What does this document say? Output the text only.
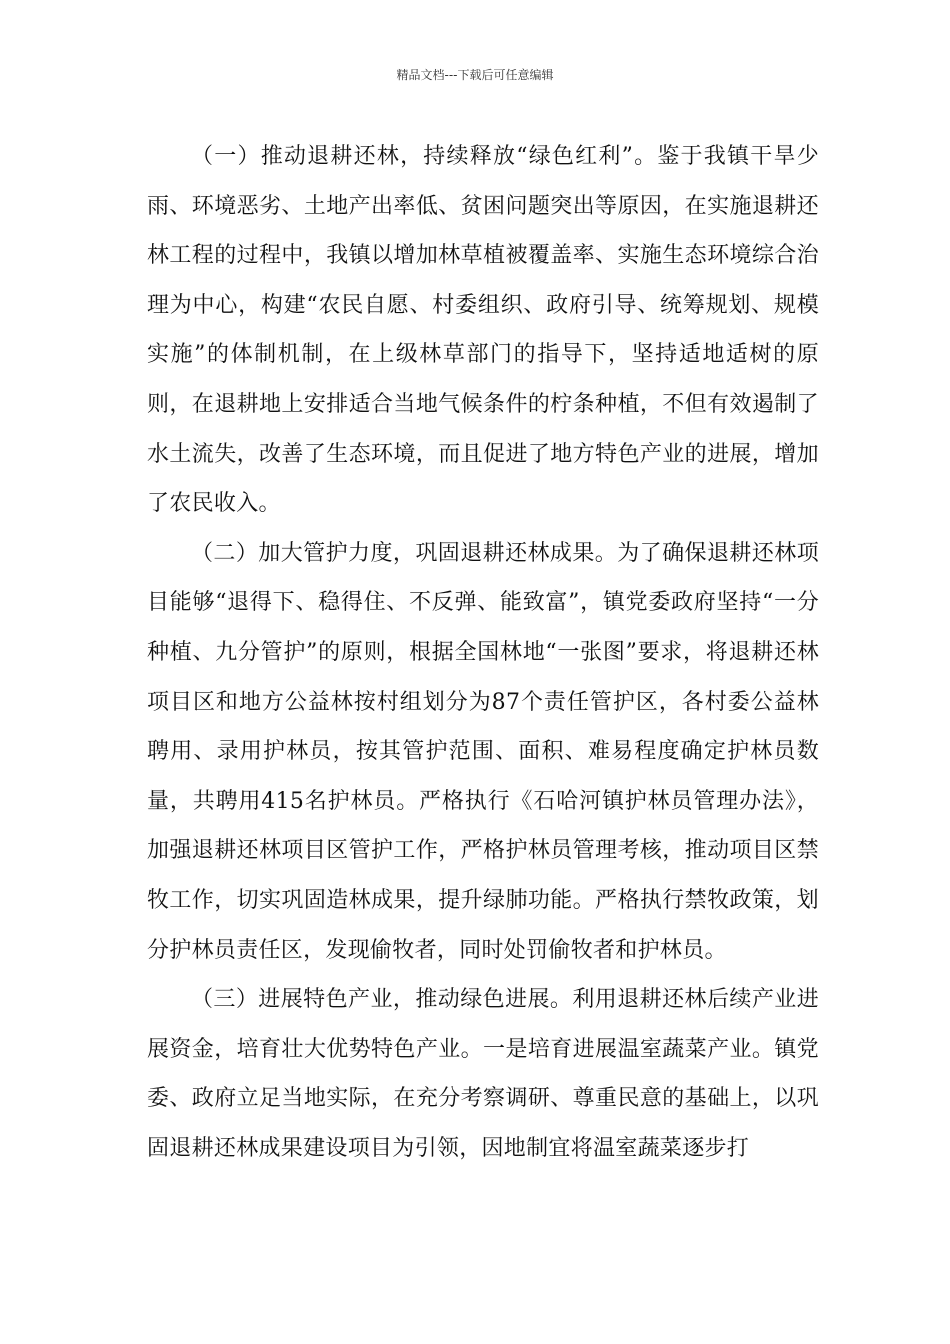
精品文档---下载后可任意编辑

（一）推动退耕还林，持续释放“绿色红利”。鉴于我镇干旱少雨、环境恶劣、土地产出率低、贫困问题突出等原因，在实施退耕还林工程的过程中，我镇以增加林草植被覆盖率、实施生态环境综合治理为中心，构建“农民自愿、村委组织、政府引导、统筹规划、规模实施”的体制机制，在上级林草部门的指导下，坚持适地适树的原则，在退耕地上安排适合当地气候条件的柠条种植，不但有效遏制了水土流失，改善了生态环境，而且促进了地方特色产业的进展，增加了农民收入。

（二）加大管护力度，巩固退耕还林成果。为了确保退耕还林项目能够“退得下、稳得住、不反弹、能致富”，镇党委政府坚持“一分种植、九分管护”的原则，根据全国林地“一张图”要求，将退耕还林项目区和地方公益林按村组划分为87个责任管护区，各村委公益林聘用、录用护林员，按其管护范围、面积、难易程度确定护林员数量，共聘用415名护林员。严格执行《石哈河镇护林员管理办法》，加强退耕还林项目区管护工作，严格护林员管理考核，推动项目区禁牧工作，切实巩固造林成果，提升绿肺功能。严格执行禁牧政策，划分护林员责任区，发现偷牧者，同时处罚偷牧者和护林员。

（三）进展特色产业，推动绿色进展。利用退耕还林后续产业进展资金，培育壮大优势特色产业。一是培育进展温室蔬菜产业。镇党委、政府立足当地实际，在充分考察调研、尊重民意的基础上，以巩固退耕还林成果建设项目为引领，因地制宜将温室蔬菜逐步打
